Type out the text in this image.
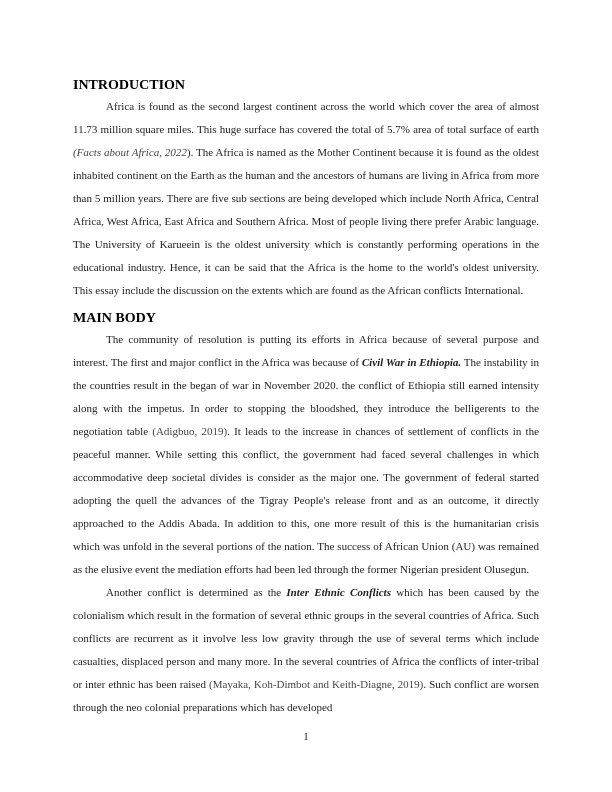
INTRODUCTION

Africa is found as the second largest continent across the world which cover the area of almost 11.73 million square miles. This huge surface has covered the total of 5.7% area of total surface of earth (Facts about Africa, 2022). The Africa is named as the Mother Continent because it is found as the oldest inhabited continent on the Earth as the human and the ancestors of humans are living in Africa from more than 5 million years. There are five sub sections are being developed which include North Africa, Central Africa, West Africa, East Africa and Southern Africa. Most of people living there prefer Arabic language. The University of Karueein is the oldest university which is constantly performing operations in the educational industry. Hence, it can be said that the Africa is the home to the world's oldest university. This essay include the discussion on the extents which are found as the African conflicts International.

MAIN BODY

The community of resolution is putting its efforts in Africa because of several purpose and interest. The first and major conflict in the Africa was because of Civil War in Ethiopia. The instability in the countries result in the began of war in November 2020. the conflict of Ethiopia still earned intensity along with the impetus. In order to stopping the bloodshed, they introduce the belligerents to the negotiation table (Adigbuo, 2019). It leads to the increase in chances of settlement of conflicts in the peaceful manner. While setting this conflict, the government had faced several challenges in which accommodative deep societal divides is consider as the major one. The government of federal started adopting the quell the advances of the Tigray People's release front and as an outcome, it directly approached to the Addis Abada. In addition to this, one more result of this is the humanitarian crisis which was unfold in the several portions of the nation. The success of African Union (AU) was remained as the elusive event the mediation efforts had been led through the former Nigerian president Olusegun.

Another conflict is determined as the Inter Ethnic Conflicts which has been caused by the colonialism which result in the formation of several ethnic groups in the several countries of Africa. Such conflicts are recurrent as it involve less low gravity through the use of several terms which include casualties, displaced person and many more. In the several countries of Africa the conflicts of inter-tribal or inter ethnic has been raised (Mayaka, Koh-Dimbot and Keith-Diagne, 2019). Such conflict are worsen through the neo colonial preparations which has developed

1
